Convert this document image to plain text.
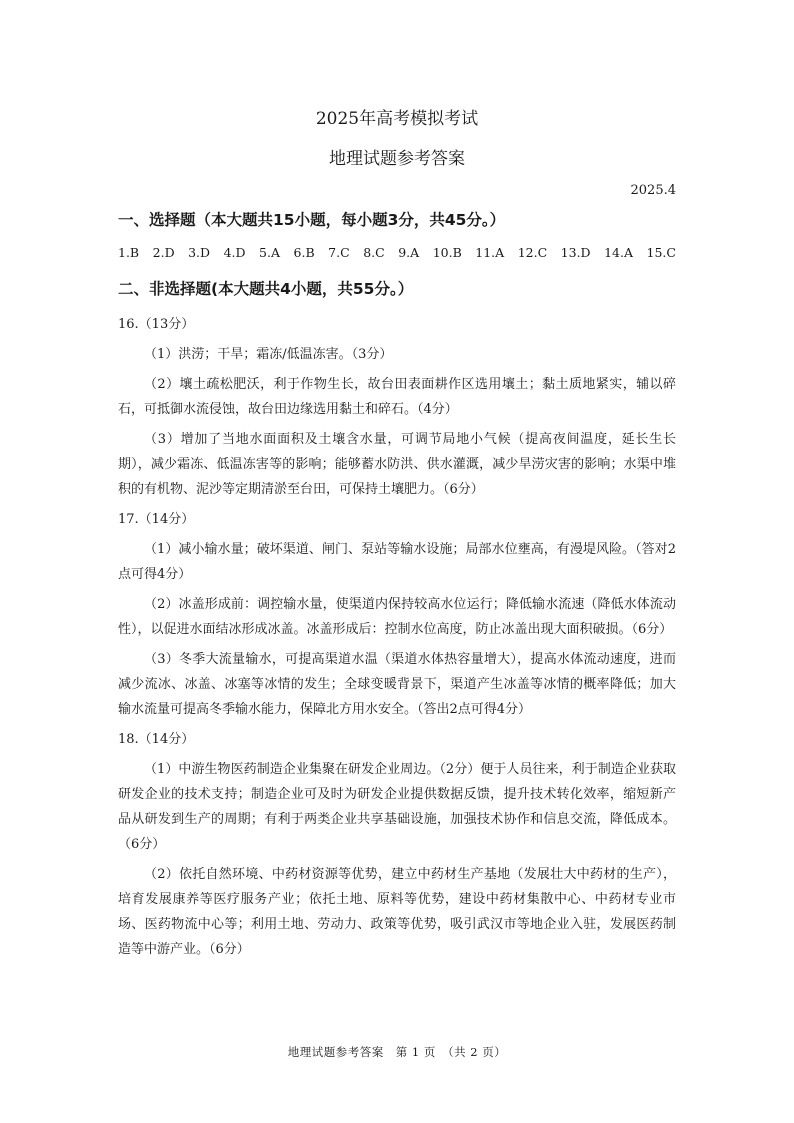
2025年高考模拟考试
地理试题参考答案
2025.4
一、选择题（本大题共15小题，每小题3分，共45分。）
1.B 2.D 3.D 4.D 5.A 6.B 7.C 8.C 9.A 10.B 11.A 12.C 13.D 14.A 15.C
二、非选择题(本大题共4小题，共55分。）
16.（13分）
（1）洪涝；干旱；霜冻/低温冻害。（3分）
（2）壤土疏松肥沃，利于作物生长，故台田表面耕作区选用壤土；黏土质地紧实，辅以碎石，可抵御水流侵蚀，故台田边缘选用黏土和碎石。（4分）
（3）增加了当地水面面积及土壤含水量，可调节局地小气候（提高夜间温度，延长生长期），减少霜冻、低温冻害等的影响；能够蓄水防洪、供水灌溉，减少旱涝灾害的影响；水渠中堆积的有机物、泥沙等定期清淤至台田，可保持土壤肥力。（6分）
17.（14分）
（1）减小输水量；破坏渠道、闸门、泵站等输水设施；局部水位壅高，有漫堤风险。（答对2点可得4分）
（2）冰盖形成前：调控输水量，使渠道内保持较高水位运行；降低输水流速（降低水体流动性），以促进水面结冰形成冰盖。冰盖形成后：控制水位高度，防止冰盖出现大面积破损。（6分）
（3）冬季大流量输水，可提高渠道水温（渠道水体热容量增大），提高水体流动速度，进而减少流冰、冰盖、冰塞等冰情的发生；全球变暖背景下，渠道产生冰盖等冰情的概率降低；加大输水流量可提高冬季输水能力，保障北方用水安全。（答出2点可得4分）
18.（14分）
（1）中游生物医药制造企业集聚在研发企业周边。（2分）便于人员往来，利于制造企业获取研发企业的技术支持；制造企业可及时为研发企业提供数据反馈，提升技术转化效率，缩短新产品从研发到生产的周期；有利于两类企业共享基础设施，加强技术协作和信息交流，降低成本。（6分）
（2）依托自然环境、中药材资源等优势，建立中药材生产基地（发展壮大中药材的生产），培育发展康养等医疗服务产业；依托土地、原料等优势，建设中药材集散中心、中药材专业市场、医药物流中心等；利用土地、劳动力、政策等优势，吸引武汉市等地企业入驻，发展医药制造等中游产业。（6分）
地理试题参考答案　第 1 页　（共 2 页）
